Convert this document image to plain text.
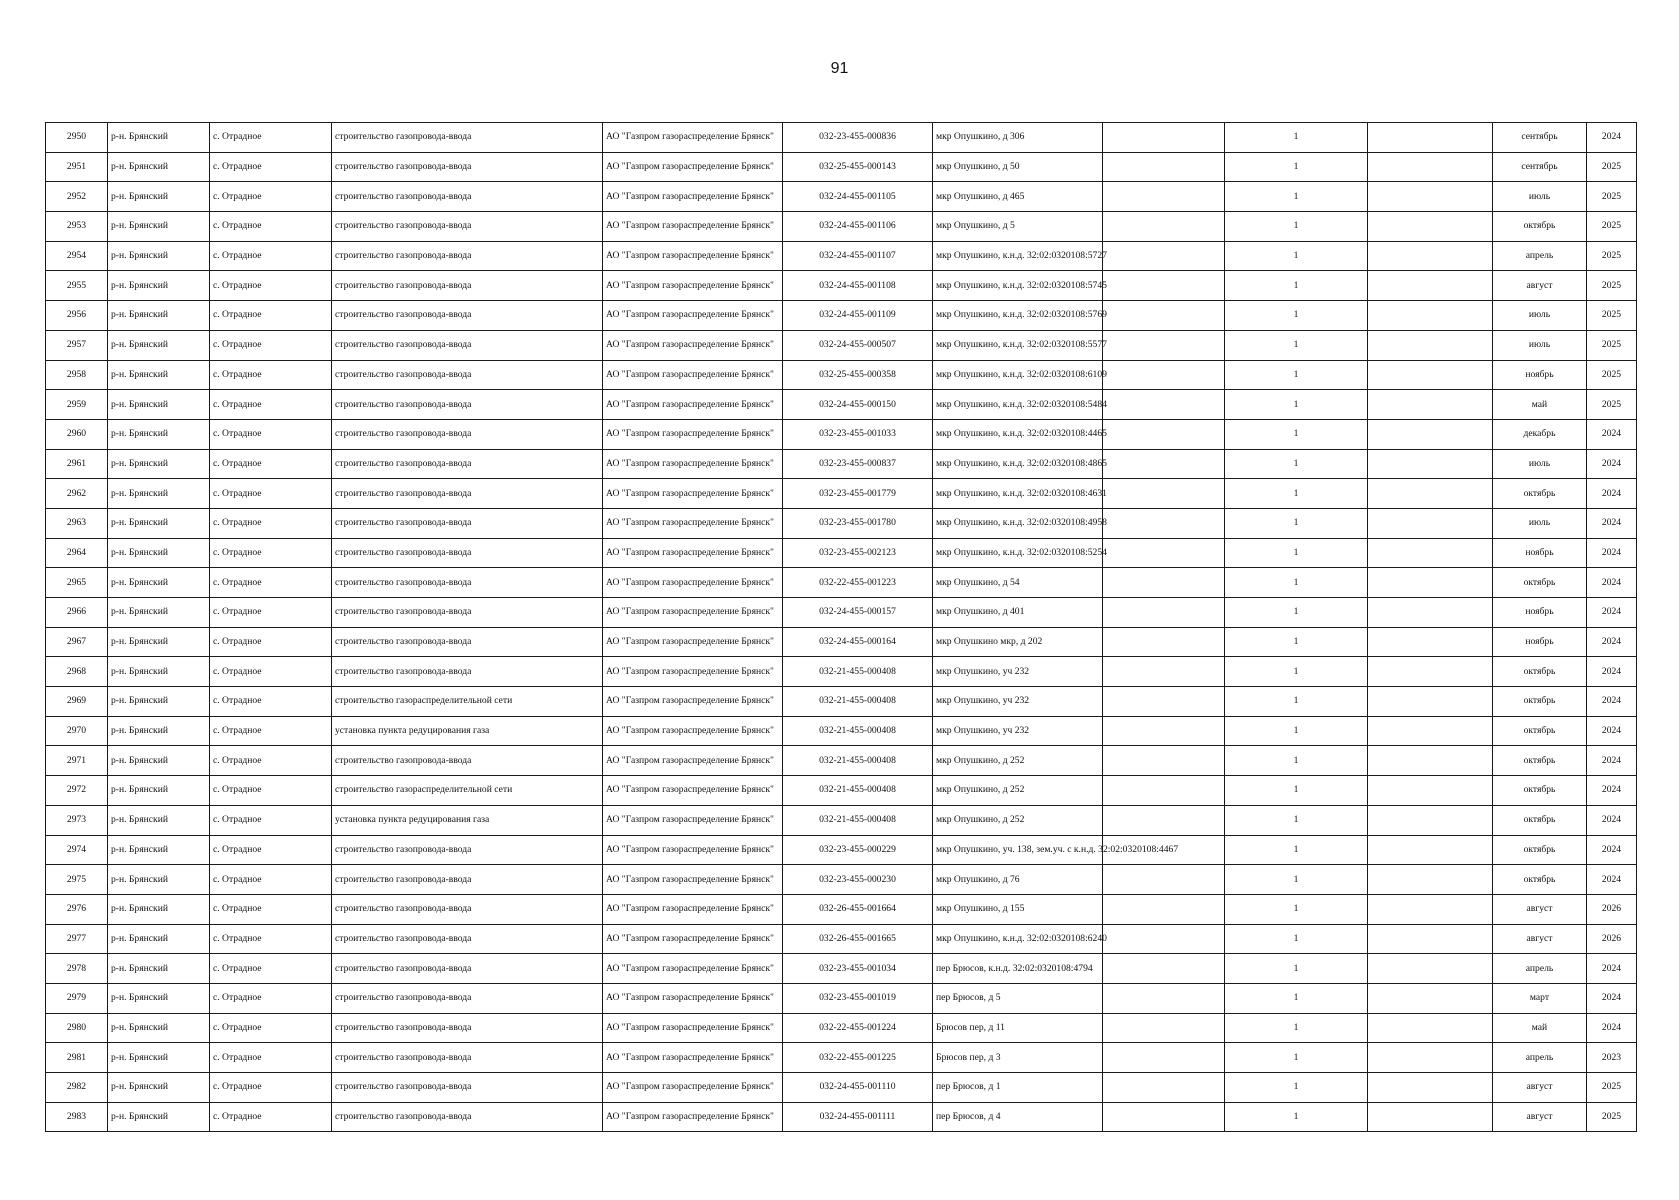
91
2950	р-н. Брянский	с. Отрадное	строительство газопровода-ввода	АО "Газпром газораспределение Брянск"	032-23-455-000836	мкр Опушкино, д 306		1		сентябрь	2024
2951	р-н. Брянский	с. Отрадное	строительство газопровода-ввода	АО "Газпром газораспределение Брянск"	032-25-455-000143	мкр Опушкино, д 50		1		сентябрь	2025
2952	р-н. Брянский	с. Отрадное	строительство газопровода-ввода	АО "Газпром газораспределение Брянск"	032-24-455-001105	мкр Опушкино, д 465		1		июль	2025
2953	р-н. Брянский	с. Отрадное	строительство газопровода-ввода	АО "Газпром газораспределение Брянск"	032-24-455-001106	мкр Опушкино, д 5		1		октябрь	2025
2954	р-н. Брянский	с. Отрадное	строительство газопровода-ввода	АО "Газпром газораспределение Брянск"	032-24-455-001107	мкр Опушкино, к.н.д. 32:02:0320108:5727		1		апрель	2025
2955	р-н. Брянский	с. Отрадное	строительство газопровода-ввода	АО "Газпром газораспределение Брянск"	032-24-455-001108	мкр Опушкино, к.н.д. 32:02:0320108:5745		1		август	2025
2956	р-н. Брянский	с. Отрадное	строительство газопровода-ввода	АО "Газпром газораспределение Брянск"	032-24-455-001109	мкр Опушкино, к.н.д. 32:02:0320108:5769		1		июль	2025
2957	р-н. Брянский	с. Отрадное	строительство газопровода-ввода	АО "Газпром газораспределение Брянск"	032-24-455-000507	мкр Опушкино, к.н.д. 32:02:0320108:5577		1		июль	2025
2958	р-н. Брянский	с. Отрадное	строительство газопровода-ввода	АО "Газпром газораспределение Брянск"	032-25-455-000358	мкр Опушкино, к.н.д. 32:02:0320108:6109		1		ноябрь	2025
2959	р-н. Брянский	с. Отрадное	строительство газопровода-ввода	АО "Газпром газораспределение Брянск"	032-24-455-000150	мкр Опушкино, к.н.д. 32:02:0320108:5484		1		май	2025
2960	р-н. Брянский	с. Отрадное	строительство газопровода-ввода	АО "Газпром газораспределение Брянск"	032-23-455-001033	мкр Опушкино, к.н.д. 32:02:0320108:4465		1		декабрь	2024
2961	р-н. Брянский	с. Отрадное	строительство газопровода-ввода	АО "Газпром газораспределение Брянск"	032-23-455-000837	мкр Опушкино, к.н.д. 32:02:0320108:4865		1		июль	2024
2962	р-н. Брянский	с. Отрадное	строительство газопровода-ввода	АО "Газпром газораспределение Брянск"	032-23-455-001779	мкр Опушкино, к.н.д. 32:02:0320108:4631		1		октябрь	2024
2963	р-н. Брянский	с. Отрадное	строительство газопровода-ввода	АО "Газпром газораспределение Брянск"	032-23-455-001780	мкр Опушкино, к.н.д. 32:02:0320108:4958		1		июль	2024
2964	р-н. Брянский	с. Отрадное	строительство газопровода-ввода	АО "Газпром газораспределение Брянск"	032-23-455-002123	мкр Опушкино, к.н.д. 32:02:0320108:5254		1		ноябрь	2024
2965	р-н. Брянский	с. Отрадное	строительство газопровода-ввода	АО "Газпром газораспределение Брянск"	032-22-455-001223	мкр Опушкино, д 54		1		октябрь	2024
2966	р-н. Брянский	с. Отрадное	строительство газопровода-ввода	АО "Газпром газораспределение Брянск"	032-24-455-000157	мкр Опушкино, д 401		1		ноябрь	2024
2967	р-н. Брянский	с. Отрадное	строительство газопровода-ввода	АО "Газпром газораспределение Брянск"	032-24-455-000164	мкр Опушкино мкр, д 202		1		ноябрь	2024
2968	р-н. Брянский	с. Отрадное	строительство газопровода-ввода	АО "Газпром газораспределение Брянск"	032-21-455-000408	мкр Опушкино, уч 232		1		октябрь	2024
2969	р-н. Брянский	с. Отрадное	строительство газораспределительной сети	АО "Газпром газораспределение Брянск"	032-21-455-000408	мкр Опушкино, уч 232		1		октябрь	2024
2970	р-н. Брянский	с. Отрадное	установка пункта редуцирования газа	АО "Газпром газораспределение Брянск"	032-21-455-000408	мкр Опушкино, уч 232		1		октябрь	2024
2971	р-н. Брянский	с. Отрадное	строительство газопровода-ввода	АО "Газпром газораспределение Брянск"	032-21-455-000408	мкр Опушкино, д 252		1		октябрь	2024
2972	р-н. Брянский	с. Отрадное	строительство газораспределительной сети	АО "Газпром газораспределение Брянск"	032-21-455-000408	мкр Опушкино, д 252		1		октябрь	2024
2973	р-н. Брянский	с. Отрадное	установка пункта редуцирования газа	АО "Газпром газораспределение Брянск"	032-21-455-000408	мкр Опушкино, д 252		1		октябрь	2024
2974	р-н. Брянский	с. Отрадное	строительство газопровода-ввода	АО "Газпром газораспределение Брянск"	032-23-455-000229	мкр Опушкино, уч. 138, зем.уч. с к.н.д. 32:02:0320108:4467		1		октябрь	2024
2975	р-н. Брянский	с. Отрадное	строительство газопровода-ввода	АО "Газпром газораспределение Брянск"	032-23-455-000230	мкр Опушкино, д 76		1		октябрь	2024
2976	р-н. Брянский	с. Отрадное	строительство газопровода-ввода	АО "Газпром газораспределение Брянск"	032-26-455-001664	мкр Опушкино, д 155		1		август	2026
2977	р-н. Брянский	с. Отрадное	строительство газопровода-ввода	АО "Газпром газораспределение Брянск"	032-26-455-001665	мкр Опушкино, к.н.д. 32:02:0320108:6240		1		август	2026
2978	р-н. Брянский	с. Отрадное	строительство газопровода-ввода	АО "Газпром газораспределение Брянск"	032-23-455-001034	пер Брюсов, к.н.д. 32:02:0320108:4794		1		апрель	2024
2979	р-н. Брянский	с. Отрадное	строительство газопровода-ввода	АО "Газпром газораспределение Брянск"	032-23-455-001019	пер Брюсов, д 5		1		март	2024
2980	р-н. Брянский	с. Отрадное	строительство газопровода-ввода	АО "Газпром газораспределение Брянск"	032-22-455-001224	Брюсов пер, д 11		1		май	2024
2981	р-н. Брянский	с. Отрадное	строительство газопровода-ввода	АО "Газпром газораспределение Брянск"	032-22-455-001225	Брюсов пер, д 3		1		апрель	2023
2982	р-н. Брянский	с. Отрадное	строительство газопровода-ввода	АО "Газпром газораспределение Брянск"	032-24-455-001110	пер Брюсов, д 1		1		август	2025
2983	р-н. Брянский	с. Отрадное	строительство газопровода-ввода	АО "Газпром газораспределение Брянск"	032-24-455-001111	пер Брюсов, д 4		1		август	2025
